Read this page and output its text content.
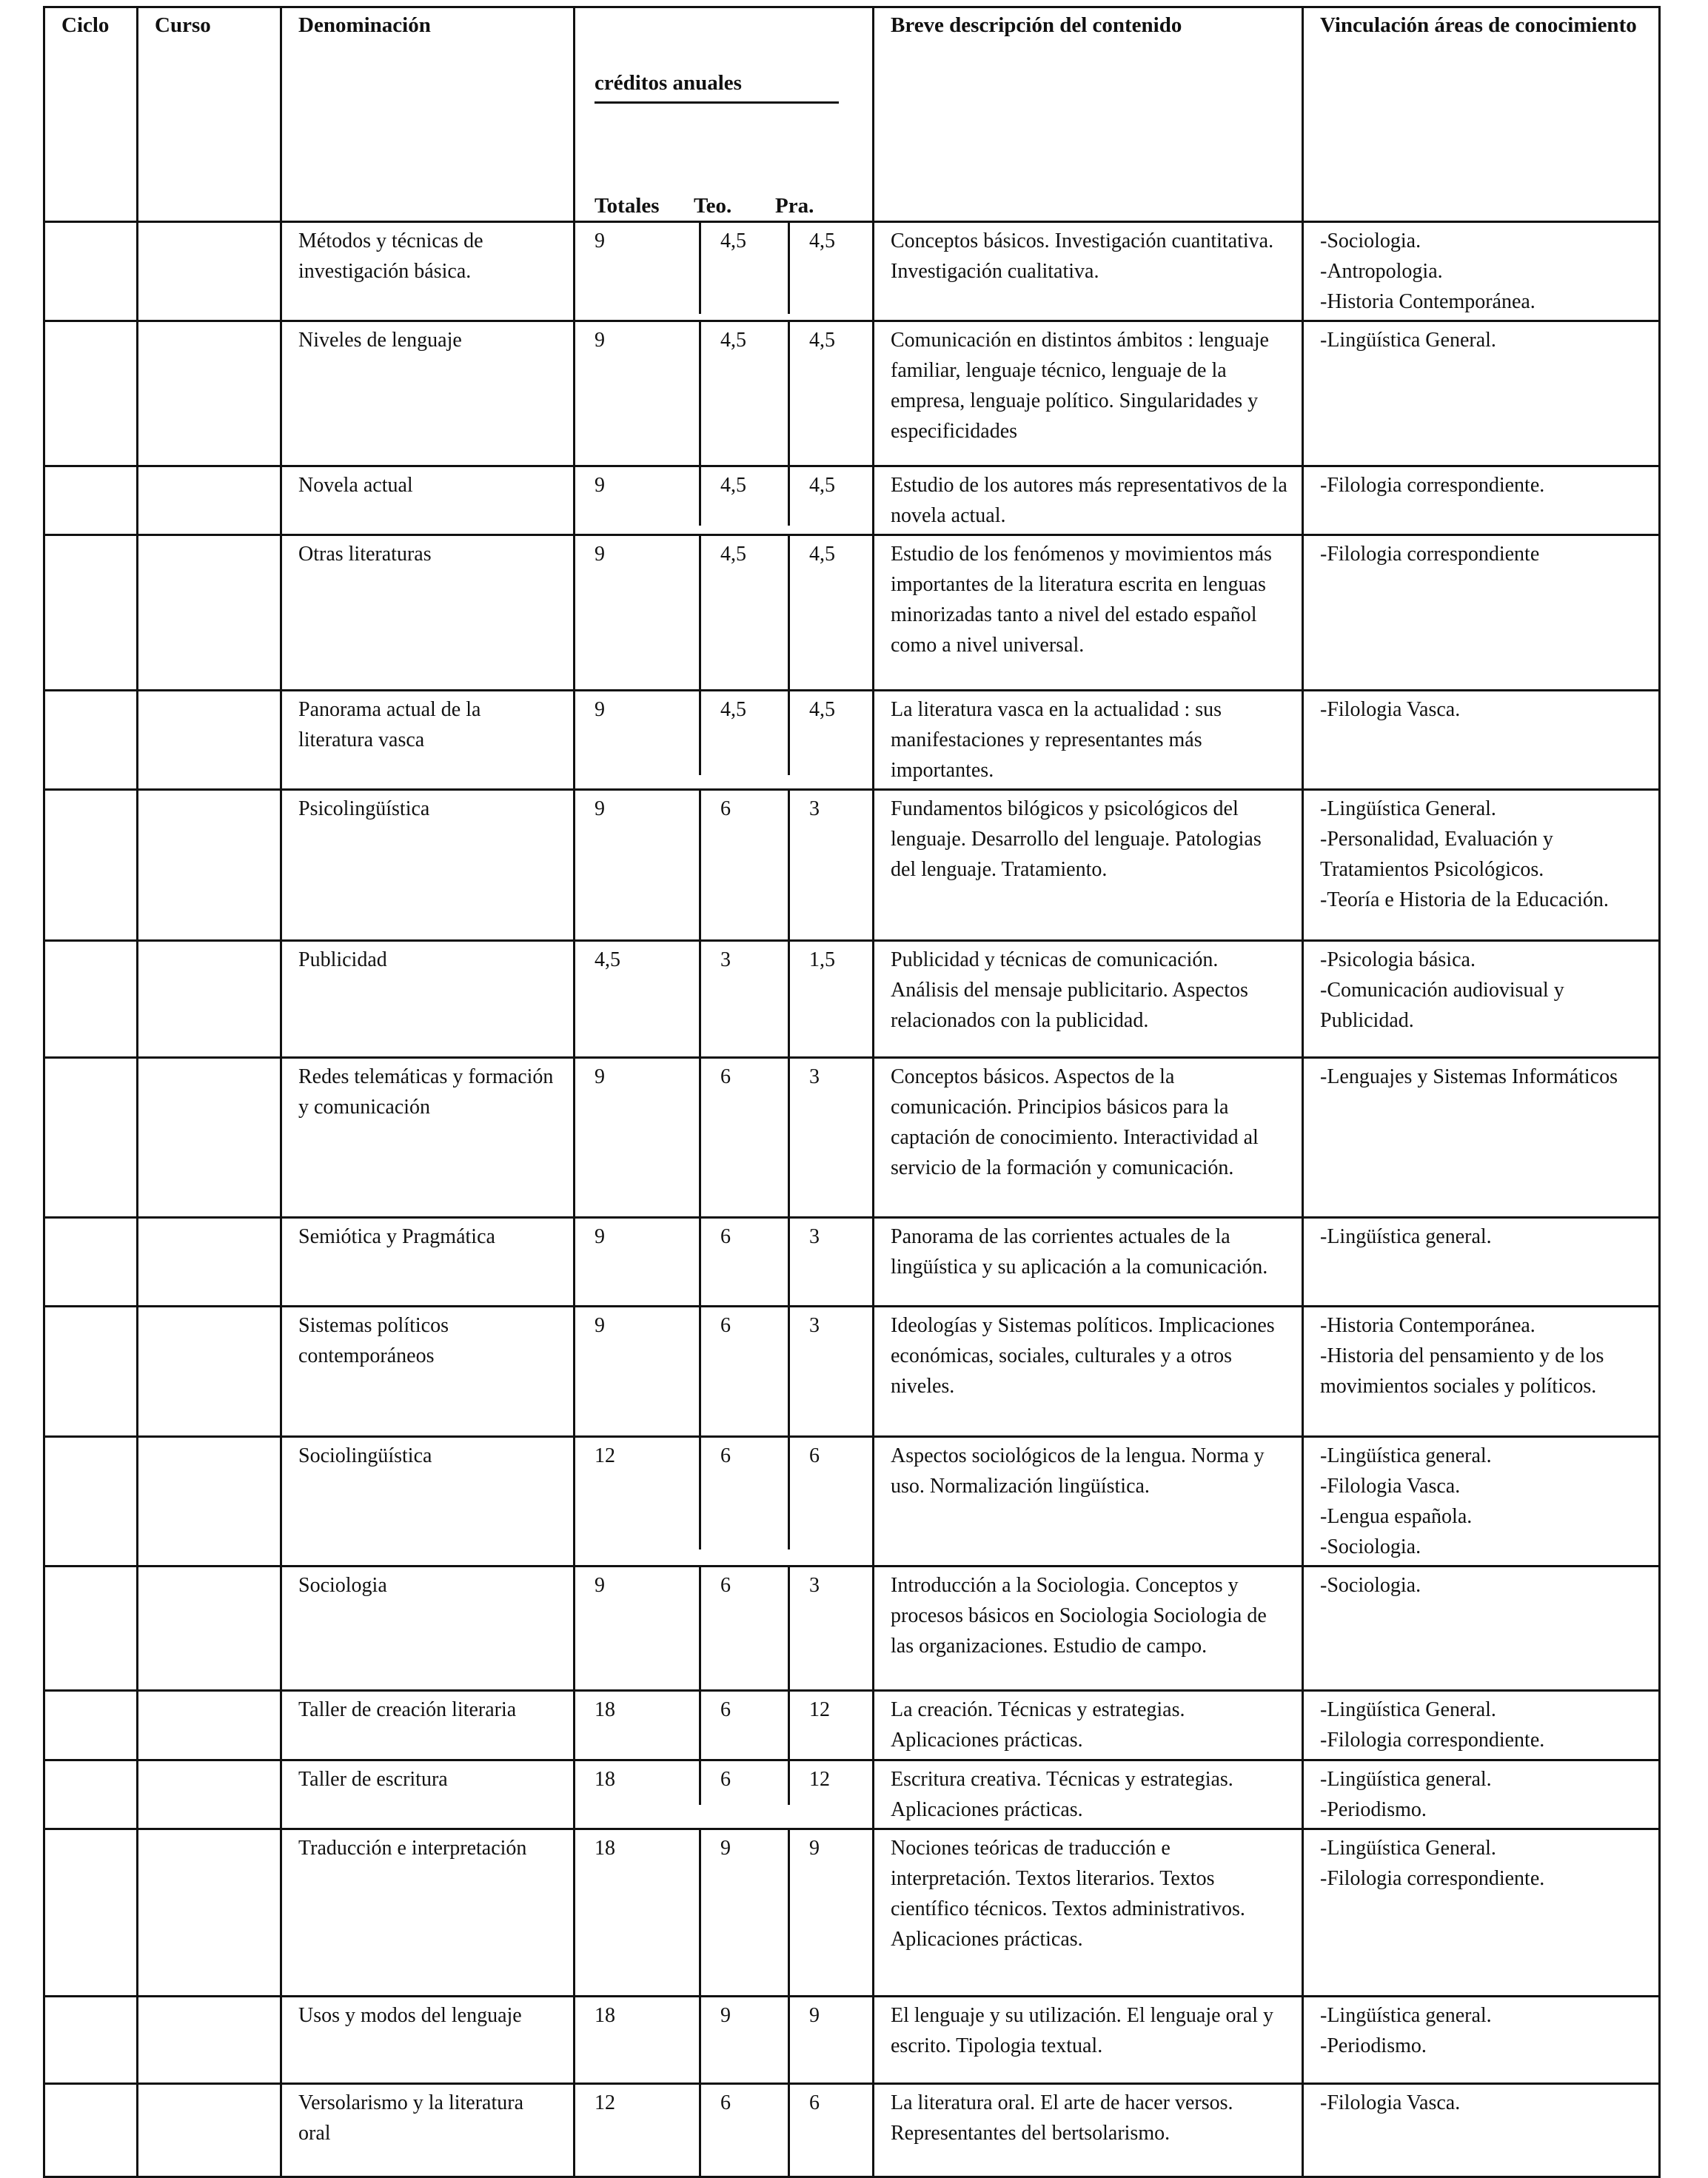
Ciclo	Curso	Denominación	créditos anuales
Totales Teo. Pra.	Breve descripción del contenido	Vinculación áreas de conocimiento
		Métodos y técnicas de investigación básica.	9 4,5 4,5	Conceptos básicos. Investigación cuantitativa. Investigación cualitativa.	-Sociologia.
-Antropologia.
-Historia Contemporánea.
		Niveles de lenguaje	9 4,5 4,5	Comunicación en distintos ámbitos : lenguaje familiar, lenguaje técnico, lenguaje de la empresa, lenguaje político. Singularidades y especificidades	-Lingüística General.
		Novela actual	9 4,5 4,5	Estudio de los autores más representativos de la novela actual.	-Filologia correspondiente.
		Otras literaturas	9 4,5 4,5	Estudio de los fenómenos y movimientos más importantes de la literatura escrita en lenguas minorizadas tanto a nivel del estado español como a nivel universal.	-Filologia correspondiente
		Panorama actual de la literatura vasca	9 4,5 4,5	La literatura vasca en la actualidad : sus manifestaciones y representantes más importantes.	-Filologia Vasca.
		Psicolingüística	9 6 3	Fundamentos bilógicos y psicológicos del lenguaje. Desarrollo del lenguaje. Patologias del lenguaje. Tratamiento.	-Lingüística General.
-Personalidad, Evaluación y Tratamientos Psicológicos.
-Teoría e Historia de la Educación.
		Publicidad	4,5 3 1,5	Publicidad y técnicas de comunicación. Análisis del mensaje publicitario. Aspectos relacionados con la publicidad.	-Psicologia básica.
-Comunicación audiovisual y Publicidad.
		Redes telemáticas y formación y comunicación	9 6 3	Conceptos básicos. Aspectos de la comunicación. Principios básicos para la captación de conocimiento. Interactividad al servicio de la formación y comunicación.	-Lenguajes y Sistemas Informáticos
		Semiótica y Pragmática	9 6 3	Panorama de las corrientes actuales de la lingüística y su aplicación a la comunicación.	-Lingüística general.
		Sistemas políticos contemporáneos	9 6 3	Ideologías y Sistemas políticos. Implicaciones económicas, sociales, culturales y a otros niveles.	-Historia Contemporánea.
-Historia del pensamiento y de los movimientos sociales y políticos.
		Sociolingüística	12 6 6	Aspectos sociológicos de la lengua. Norma y uso. Normalización lingüística.	-Lingüística general.
-Filologia Vasca.
-Lengua española.
-Sociologia.
		Sociologia	9 6 3	Introducción a la Sociologia. Conceptos y procesos básicos en Sociologia Sociologia de las organizaciones. Estudio de campo.	-Sociologia.
		Taller de creación literaria	18 6 12	La creación. Técnicas y estrategias. Aplicaciones prácticas.	-Lingüística General.
-Filologia correspondiente.
		Taller de escritura	18 6 12	Escritura creativa. Técnicas y estrategias. Aplicaciones prácticas.	-Lingüística general.
-Periodismo.
		Traducción e interpretación	18 9 9	Nociones teóricas de traducción e interpretación. Textos literarios. Textos científico técnicos. Textos administrativos. Aplicaciones prácticas.	-Lingüística General.
-Filologia correspondiente.
		Usos y modos del lenguaje	18 9 9	El lenguaje y su utilización. El lenguaje oral y escrito. Tipologia textual.	-Lingüística general.
-Periodismo.
		Versolarismo y la literatura oral	12 6 6	La literatura oral. El arte de hacer versos. Representantes del bertsolarismo.	-Filologia Vasca.
